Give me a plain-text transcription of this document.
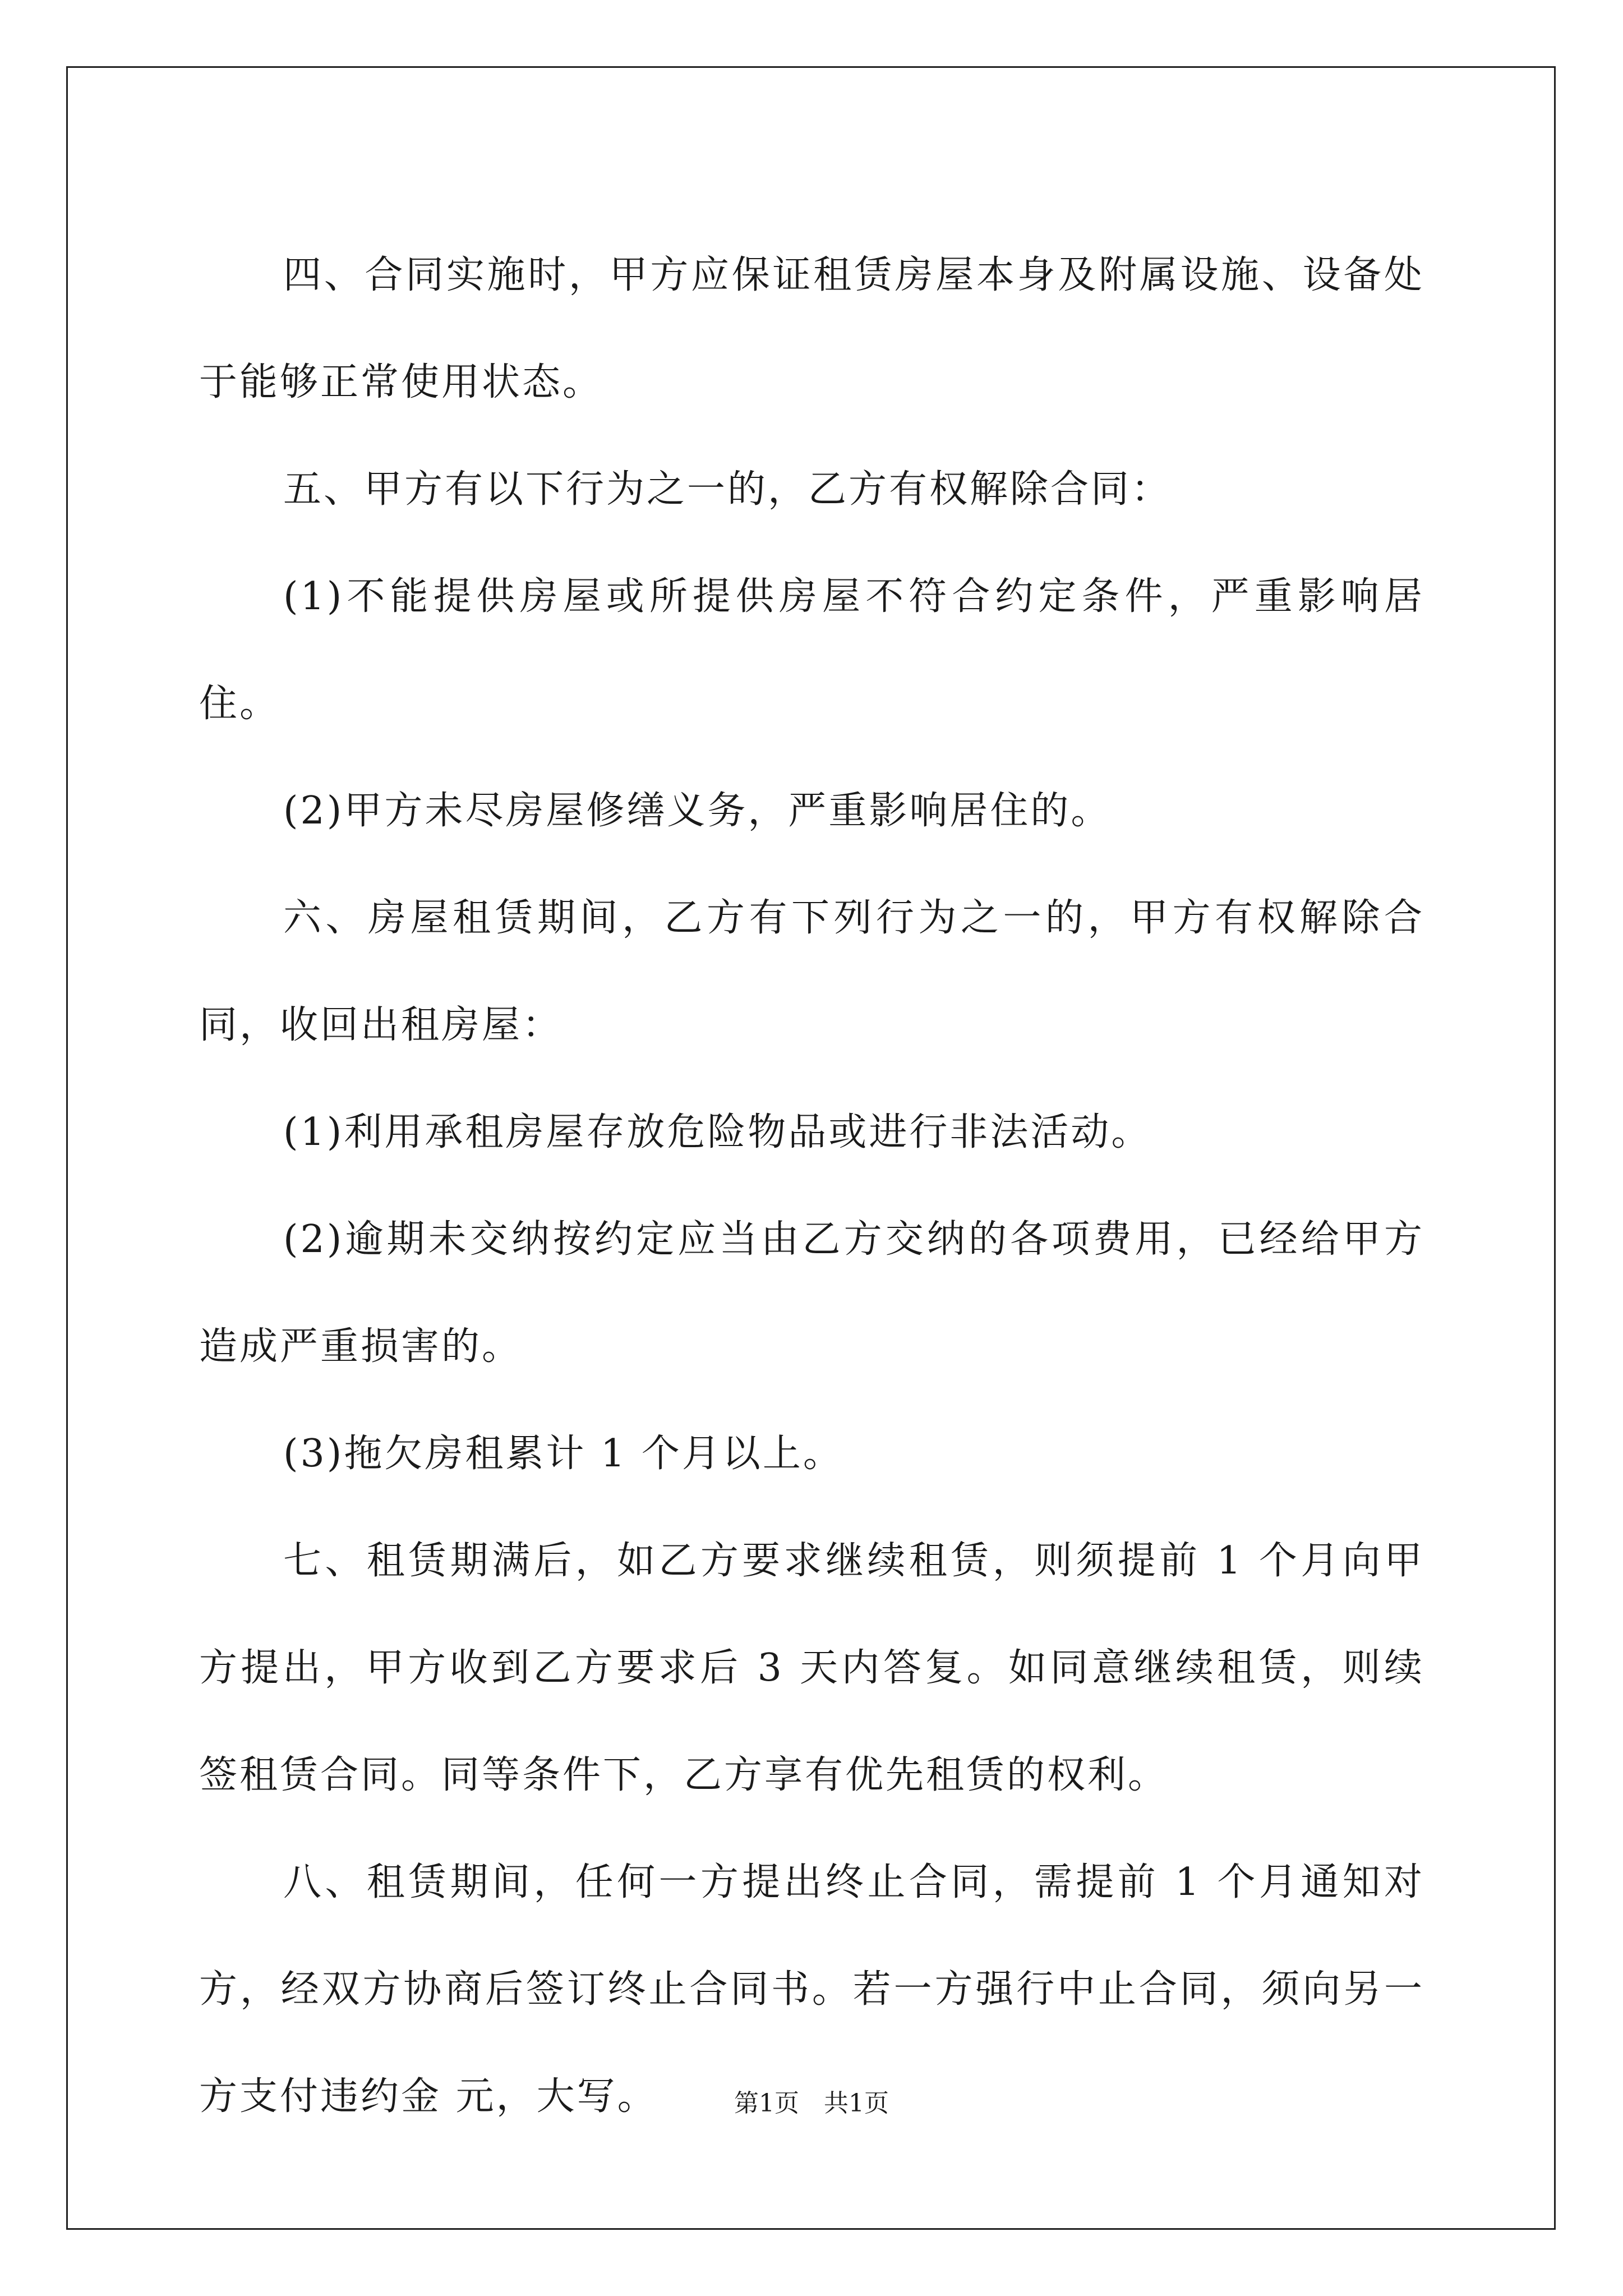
四、合同实施时，甲方应保证租赁房屋本身及附属设施、设备处于能够正常使用状态。

五、甲方有以下行为之一的，乙方有权解除合同：

(1)不能提供房屋或所提供房屋不符合约定条件，严重影响居住。

(2)甲方未尽房屋修缮义务，严重影响居住的。

六、房屋租赁期间，乙方有下列行为之一的，甲方有权解除合同，收回出租房屋：

(1)利用承租房屋存放危险物品或进行非法活动。

(2)逾期未交纳按约定应当由乙方交纳的各项费用，已经给甲方造成严重损害的。

(3)拖欠房租累计 1 个月以上。

七、租赁期满后，如乙方要求继续租赁，则须提前 1 个月向甲方提出，甲方收到乙方要求后 3 天内答复。如同意继续租赁，则续签租赁合同。同等条件下，乙方享有优先租赁的权利。

八、租赁期间，任何一方提出终止合同，需提前 1 个月通知对方，经双方协商后签订终止合同书。若一方强行中止合同，须向另一方支付违约金 元，大写。	第1页　共1页
